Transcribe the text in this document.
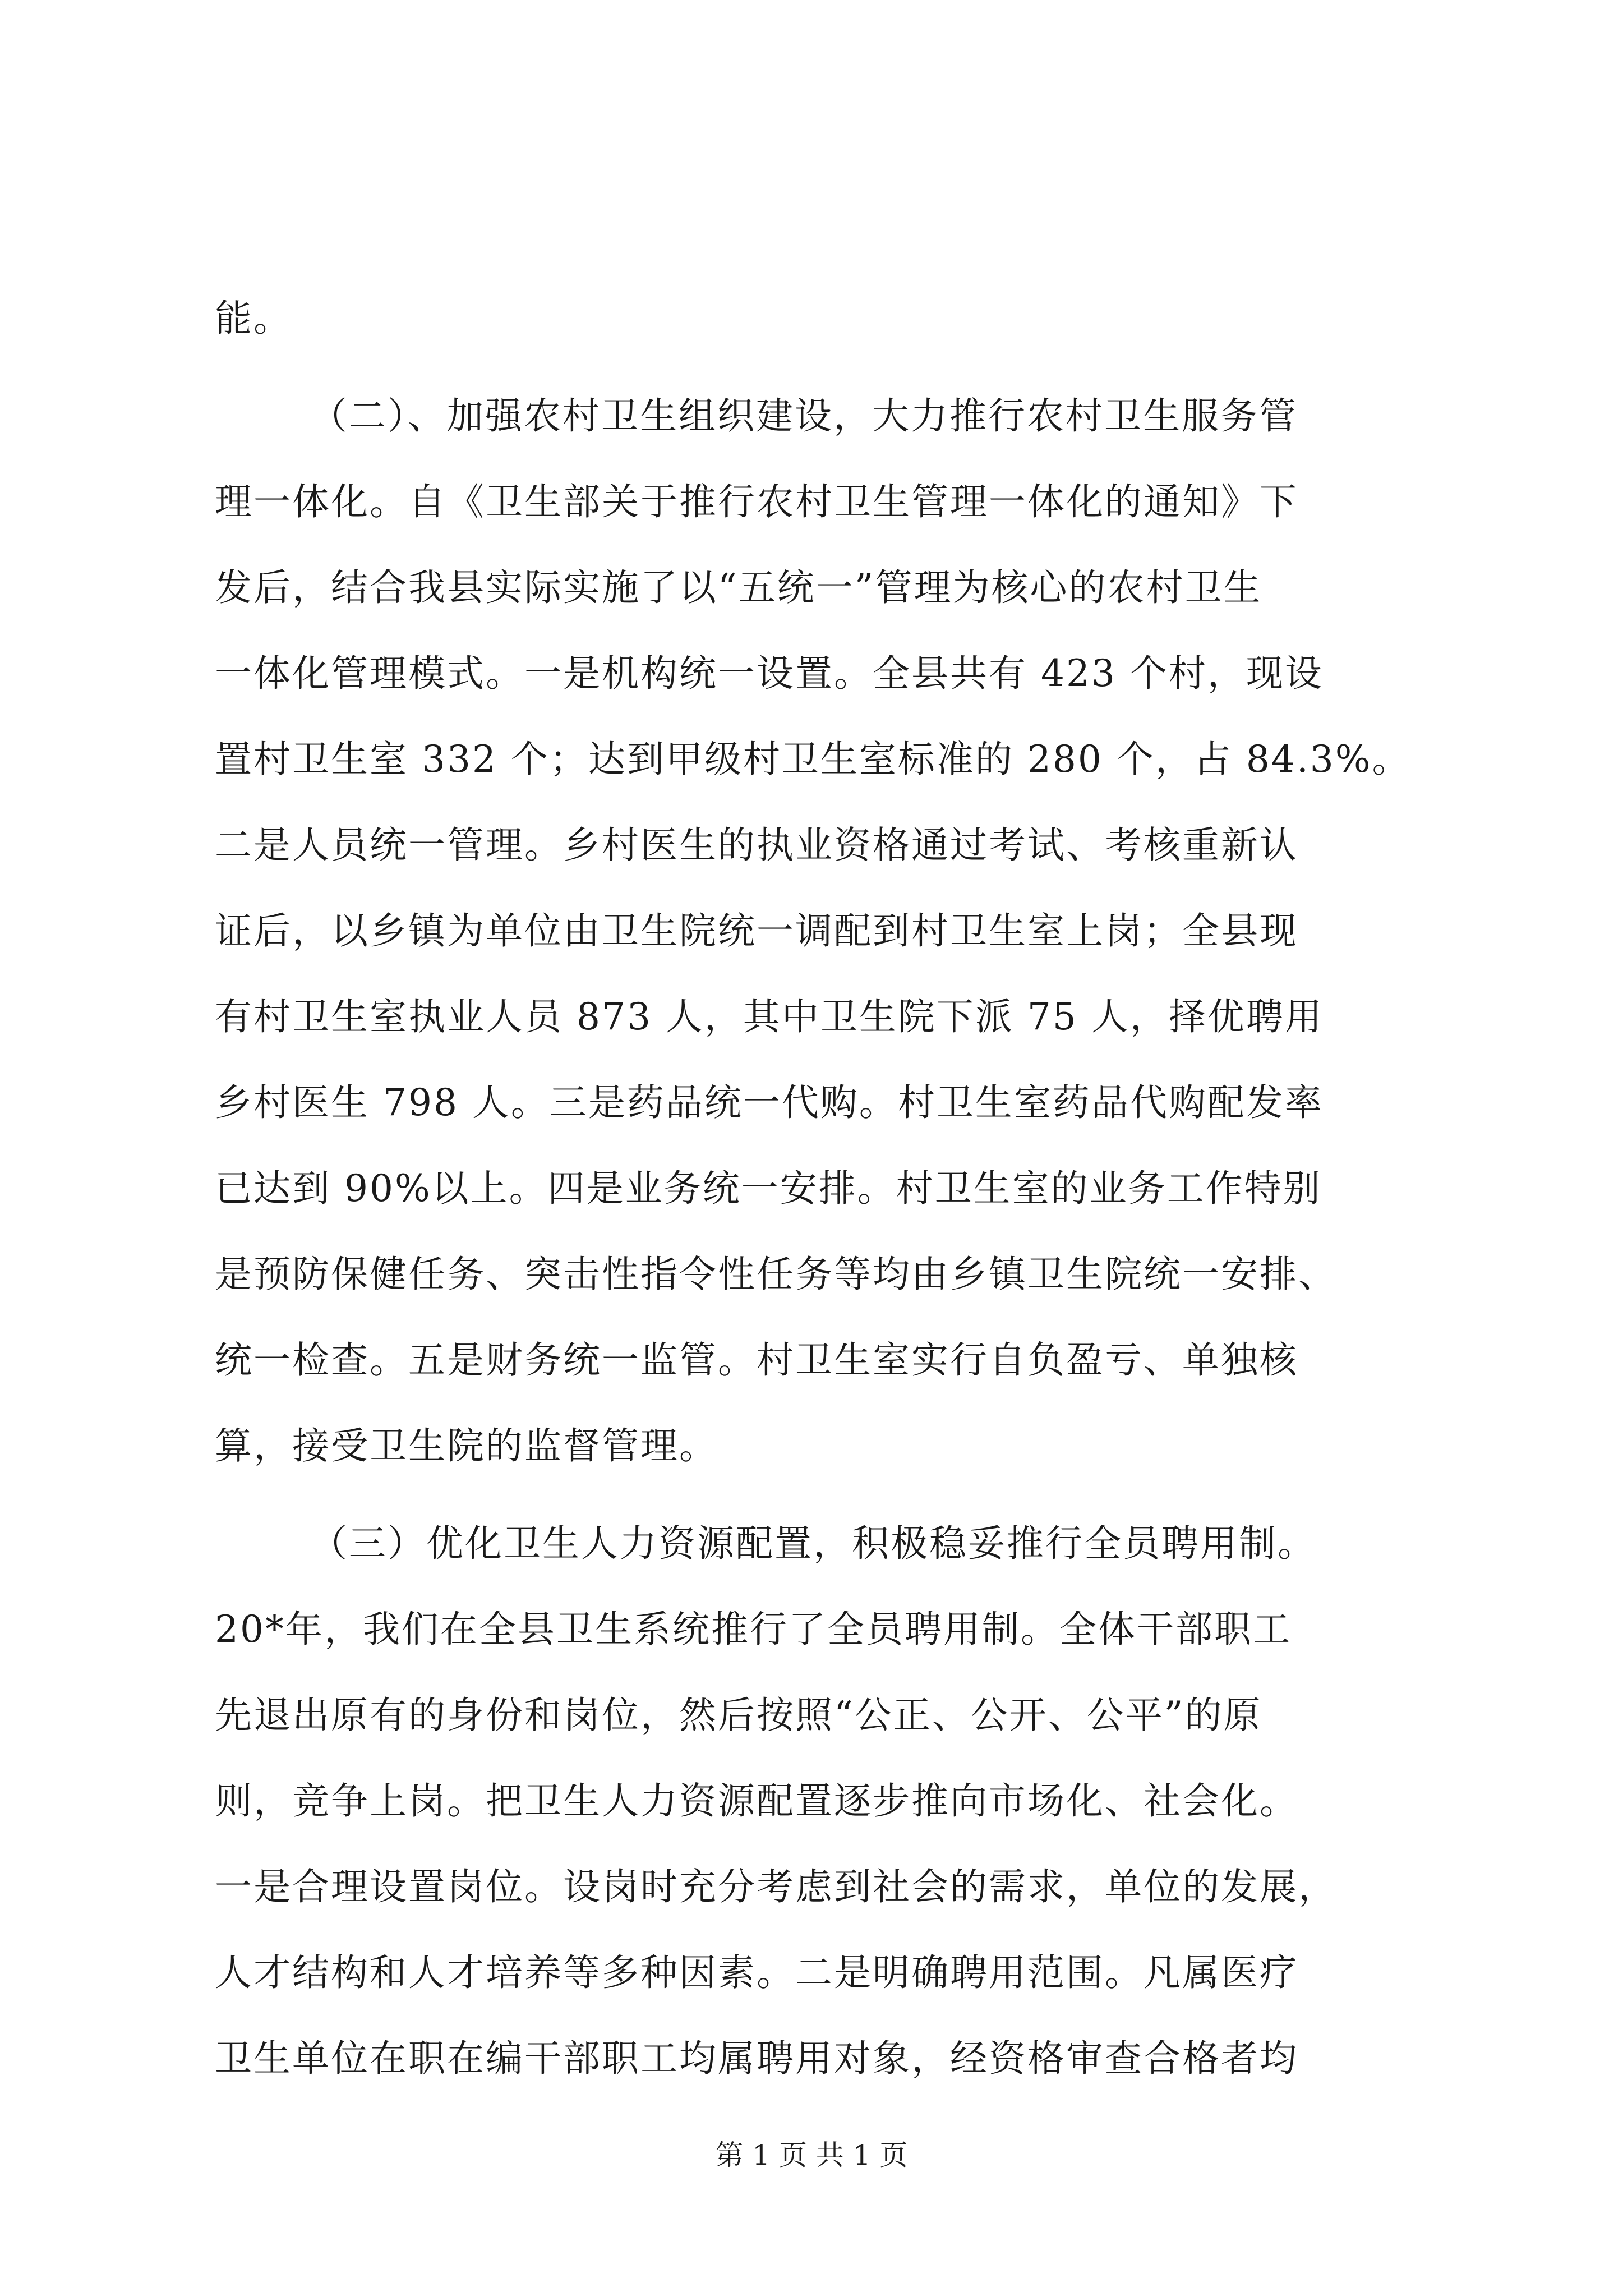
能。
（二）、加强农村卫生组织建设，大力推行农村卫生服务管
理一体化。自《卫生部关于推行农村卫生管理一体化的通知》下
发后，结合我县实际实施了以“五统一”管理为核心的农村卫生
一体化管理模式。一是机构统一设置。全县共有 423 个村，现设
置村卫生室 332 个；达到甲级村卫生室标准的 280 个，占 84.3%。
二是人员统一管理。乡村医生的执业资格通过考试、考核重新认
证后，以乡镇为单位由卫生院统一调配到村卫生室上岗；全县现
有村卫生室执业人员 873 人，其中卫生院下派 75 人，择优聘用
乡村医生 798 人。三是药品统一代购。村卫生室药品代购配发率
已达到 90%以上。四是业务统一安排。村卫生室的业务工作特别
是预防保健任务、突击性指令性任务等均由乡镇卫生院统一安排、
统一检查。五是财务统一监管。村卫生室实行自负盈亏、单独核
算，接受卫生院的监督管理。
（三）优化卫生人力资源配置，积极稳妥推行全员聘用制。
20*年，我们在全县卫生系统推行了全员聘用制。全体干部职工
先退出原有的身份和岗位，然后按照“公正、公开、公平”的原
则，竞争上岗。把卫生人力资源配置逐步推向市场化、社会化。
一是合理设置岗位。设岗时充分考虑到社会的需求，单位的发展，
人才结构和人才培养等多种因素。二是明确聘用范围。凡属医疗
卫生单位在职在编干部职工均属聘用对象，经资格审查合格者均
第 1 页 共 1 页
